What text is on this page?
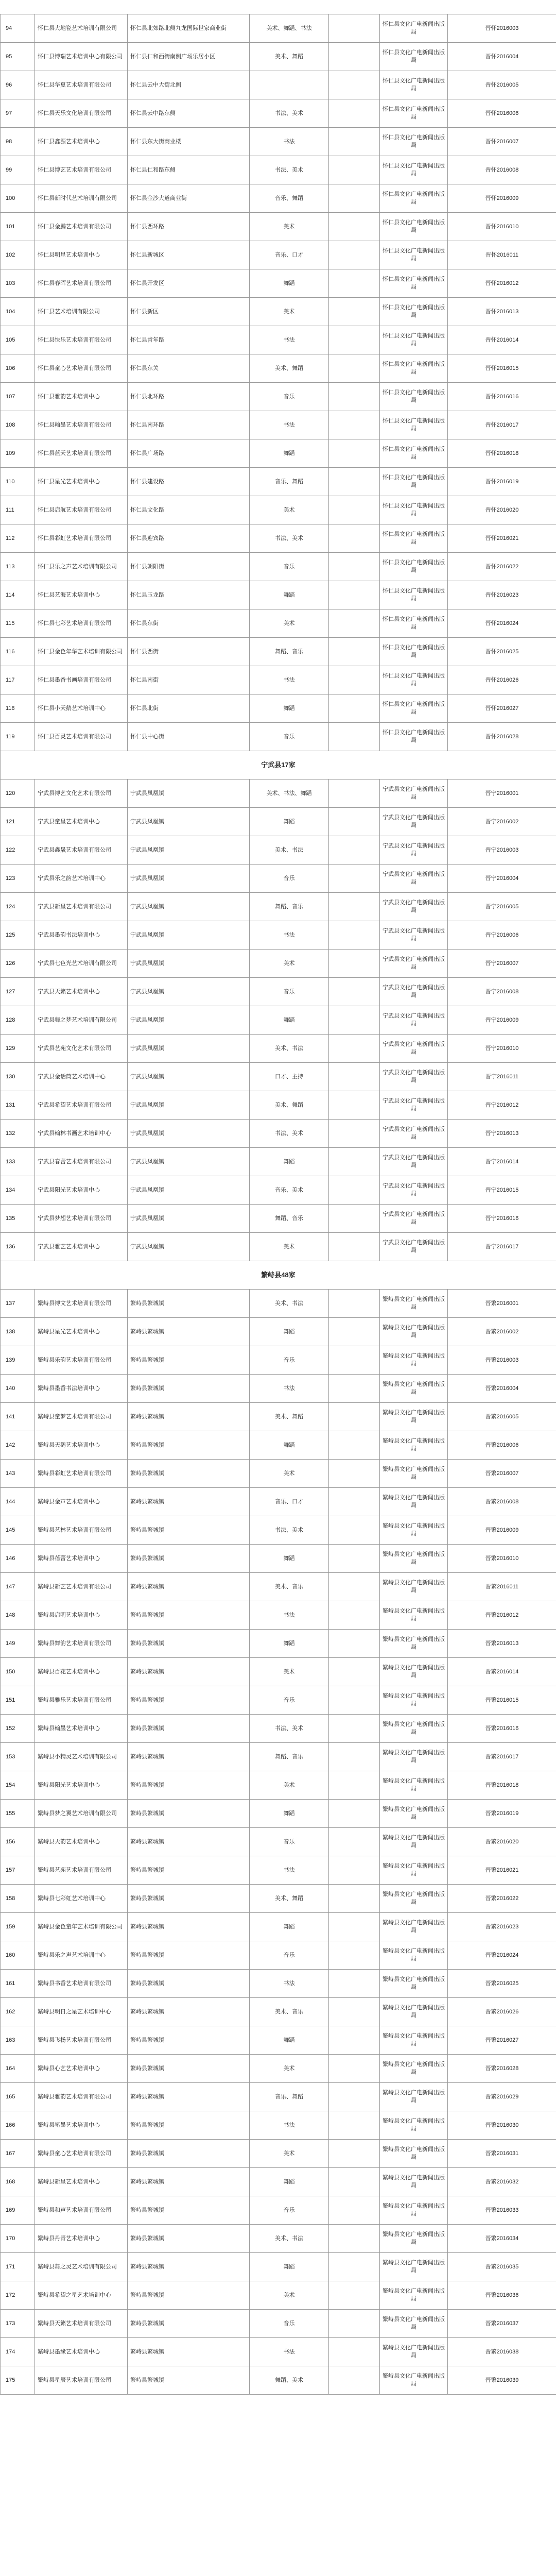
94	怀仁县大地瓷艺术培训有限公司	怀仁县北郊路北侧九龙国际世家商业街	美术、舞蹈、书法		怀仁县文化广电新闻出版局	晋怀2016003
95	怀仁县博瑞艺术培训中心有限公司	怀仁县仁和西街南侧广场乐居小区	美术、舞蹈		怀仁县文化广电新闻出版局	晋怀2016004
96	怀仁县华夏艺术培训有限公司	怀仁县云中大街北侧			怀仁县文化广电新闻出版局	晋怀2016005
97	怀仁县天乐文化培训有限公司	怀仁县云中路东侧	书法、美术		怀仁县文化广电新闻出版局	晋怀2016006
98	怀仁县鑫源艺术培训中心	怀仁县东大街商业楼	书法		怀仁县文化广电新闻出版局	晋怀2016007
99	怀仁县博艺艺术培训有限公司	怀仁县仁和路东侧	书法、美术		怀仁县文化广电新闻出版局	晋怀2016008
100	怀仁县新时代艺术培训有限公司	怀仁县金沙大道商业街	音乐、舞蹈		怀仁县文化广电新闻出版局	晋怀2016009
101	怀仁县金鹏艺术培训有限公司	怀仁县西环路	美术		怀仁县文化广电新闻出版局	晋怀2016010
102	怀仁县明星艺术培训中心	怀仁县新城区	音乐、口才		怀仁县文化广电新闻出版局	晋怀2016011
103	怀仁县春晖艺术培训有限公司	怀仁县开发区	舞蹈		怀仁县文化广电新闻出版局	晋怀2016012
104	怀仁县艺术培训有限公司	怀仁县新区	美术		怀仁县文化广电新闻出版局	晋怀2016013
105	怀仁县快乐艺术培训有限公司	怀仁县青年路	书法		怀仁县文化广电新闻出版局	晋怀2016014
106	怀仁县童心艺术培训有限公司	怀仁县东关	美术、舞蹈		怀仁县文化广电新闻出版局	晋怀2016015
107	怀仁县雅韵艺术培训中心	怀仁县北环路	音乐		怀仁县文化广电新闻出版局	晋怀2016016
108	怀仁县翰墨艺术培训有限公司	怀仁县南环路	书法		怀仁县文化广电新闻出版局	晋怀2016017
109	怀仁县蓝天艺术培训有限公司	怀仁县广场路	舞蹈		怀仁县文化广电新闻出版局	晋怀2016018
110	怀仁县星光艺术培训中心	怀仁县建设路	音乐、舞蹈		怀仁县文化广电新闻出版局	晋怀2016019
111	怀仁县启航艺术培训有限公司	怀仁县文化路	美术		怀仁县文化广电新闻出版局	晋怀2016020
112	怀仁县彩虹艺术培训有限公司	怀仁县迎宾路	书法、美术		怀仁县文化广电新闻出版局	晋怀2016021
113	怀仁县乐之声艺术培训有限公司	怀仁县朝阳街	音乐		怀仁县文化广电新闻出版局	晋怀2016022
114	怀仁县艺海艺术培训中心	怀仁县玉龙路	舞蹈		怀仁县文化广电新闻出版局	晋怀2016023
115	怀仁县七彩艺术培训有限公司	怀仁县东街	美术		怀仁县文化广电新闻出版局	晋怀2016024
116	怀仁县金色年华艺术培训有限公司	怀仁县西街	舞蹈、音乐		怀仁县文化广电新闻出版局	晋怀2016025
117	怀仁县墨香书画培训有限公司	怀仁县南街	书法		怀仁县文化广电新闻出版局	晋怀2016026
118	怀仁县小天鹅艺术培训中心	怀仁县北街	舞蹈		怀仁县文化广电新闻出版局	晋怀2016027
119	怀仁县百灵艺术培训有限公司	怀仁县中心街	音乐		怀仁县文化广电新闻出版局	晋怀2016028
宁武县17家						
120	宁武县博艺文化艺术有限公司	宁武县凤凰镇	美术、书法、舞蹈		宁武县文化广电新闻出版局	晋宁2016001
121	宁武县童星艺术培训中心	宁武县凤凰镇	舞蹈		宁武县文化广电新闻出版局	晋宁2016002
122	宁武县鑫晟艺术培训有限公司	宁武县凤凰镇	美术、书法		宁武县文化广电新闻出版局	晋宁2016003
123	宁武县乐之韵艺术培训中心	宁武县凤凰镇	音乐		宁武县文化广电新闻出版局	晋宁2016004
124	宁武县新星艺术培训有限公司	宁武县凤凰镇	舞蹈、音乐		宁武县文化广电新闻出版局	晋宁2016005
125	宁武县墨韵书法培训中心	宁武县凤凰镇	书法		宁武县文化广电新闻出版局	晋宁2016006
126	宁武县七色光艺术培训有限公司	宁武县凤凰镇	美术		宁武县文化广电新闻出版局	晋宁2016007
127	宁武县天籁艺术培训中心	宁武县凤凰镇	音乐		宁武县文化广电新闻出版局	晋宁2016008
128	宁武县舞之梦艺术培训有限公司	宁武县凤凰镇	舞蹈		宁武县文化广电新闻出版局	晋宁2016009
129	宁武县艺苑文化艺术有限公司	宁武县凤凰镇	美术、书法		宁武县文化广电新闻出版局	晋宁2016010
130	宁武县金话筒艺术培训中心	宁武县凤凰镇	口才、主持		宁武县文化广电新闻出版局	晋宁2016011
131	宁武县希望艺术培训有限公司	宁武县凤凰镇	美术、舞蹈		宁武县文化广电新闻出版局	晋宁2016012
132	宁武县翰林书画艺术培训中心	宁武县凤凰镇	书法、美术		宁武县文化广电新闻出版局	晋宁2016013
133	宁武县春蕾艺术培训有限公司	宁武县凤凰镇	舞蹈		宁武县文化广电新闻出版局	晋宁2016014
134	宁武县阳光艺术培训中心	宁武县凤凰镇	音乐、美术		宁武县文化广电新闻出版局	晋宁2016015
135	宁武县梦想艺术培训有限公司	宁武县凤凰镇	舞蹈、音乐		宁武县文化广电新闻出版局	晋宁2016016
136	宁武县雅艺艺术培训中心	宁武县凤凰镇	美术		宁武县文化广电新闻出版局	晋宁2016017
繁峙县48家						
137	繁峙县博文艺术培训有限公司	繁峙县繁城镇	美术、书法		繁峙县文化广电新闻出版局	晋繁2016001
138	繁峙县星光艺术培训中心	繁峙县繁城镇	舞蹈		繁峙县文化广电新闻出版局	晋繁2016002
139	繁峙县乐韵艺术培训有限公司	繁峙县繁城镇	音乐		繁峙县文化广电新闻出版局	晋繁2016003
140	繁峙县墨香书法培训中心	繁峙县繁城镇	书法		繁峙县文化广电新闻出版局	晋繁2016004
141	繁峙县童梦艺术培训有限公司	繁峙县繁城镇	美术、舞蹈		繁峙县文化广电新闻出版局	晋繁2016005
142	繁峙县天鹅艺术培训中心	繁峙县繁城镇	舞蹈		繁峙县文化广电新闻出版局	晋繁2016006
143	繁峙县彩虹艺术培训有限公司	繁峙县繁城镇	美术		繁峙县文化广电新闻出版局	晋繁2016007
144	繁峙县金声艺术培训中心	繁峙县繁城镇	音乐、口才		繁峙县文化广电新闻出版局	晋繁2016008
145	繁峙县艺林艺术培训有限公司	繁峙县繁城镇	书法、美术		繁峙县文化广电新闻出版局	晋繁2016009
146	繁峙县蓓蕾艺术培训中心	繁峙县繁城镇	舞蹈		繁峙县文化广电新闻出版局	晋繁2016010
147	繁峙县新艺艺术培训有限公司	繁峙县繁城镇	美术、音乐		繁峙县文化广电新闻出版局	晋繁2016011
148	繁峙县启明艺术培训中心	繁峙县繁城镇	书法		繁峙县文化广电新闻出版局	晋繁2016012
149	繁峙县舞韵艺术培训有限公司	繁峙县繁城镇	舞蹈		繁峙县文化广电新闻出版局	晋繁2016013
150	繁峙县百花艺术培训中心	繁峙县繁城镇	美术		繁峙县文化广电新闻出版局	晋繁2016014
151	繁峙县雅乐艺术培训有限公司	繁峙县繁城镇	音乐		繁峙县文化广电新闻出版局	晋繁2016015
152	繁峙县翰墨艺术培训中心	繁峙县繁城镇	书法、美术		繁峙县文化广电新闻出版局	晋繁2016016
153	繁峙县小精灵艺术培训有限公司	繁峙县繁城镇	舞蹈、音乐		繁峙县文化广电新闻出版局	晋繁2016017
154	繁峙县阳光艺术培训中心	繁峙县繁城镇	美术		繁峙县文化广电新闻出版局	晋繁2016018
155	繁峙县梦之翼艺术培训有限公司	繁峙县繁城镇	舞蹈		繁峙县文化广电新闻出版局	晋繁2016019
156	繁峙县天韵艺术培训中心	繁峙县繁城镇	音乐		繁峙县文化广电新闻出版局	晋繁2016020
157	繁峙县艺苑艺术培训有限公司	繁峙县繁城镇	书法		繁峙县文化广电新闻出版局	晋繁2016021
158	繁峙县七彩虹艺术培训中心	繁峙县繁城镇	美术、舞蹈		繁峙县文化广电新闻出版局	晋繁2016022
159	繁峙县金色童年艺术培训有限公司	繁峙县繁城镇	舞蹈		繁峙县文化广电新闻出版局	晋繁2016023
160	繁峙县乐之声艺术培训中心	繁峙县繁城镇	音乐		繁峙县文化广电新闻出版局	晋繁2016024
161	繁峙县书香艺术培训有限公司	繁峙县繁城镇	书法		繁峙县文化广电新闻出版局	晋繁2016025
162	繁峙县明日之星艺术培训中心	繁峙县繁城镇	美术、音乐		繁峙县文化广电新闻出版局	晋繁2016026
163	繁峙县飞扬艺术培训有限公司	繁峙县繁城镇	舞蹈		繁峙县文化广电新闻出版局	晋繁2016027
164	繁峙县心艺艺术培训中心	繁峙县繁城镇	美术		繁峙县文化广电新闻出版局	晋繁2016028
165	繁峙县雅韵艺术培训有限公司	繁峙县繁城镇	音乐、舞蹈		繁峙县文化广电新闻出版局	晋繁2016029
166	繁峙县笔墨艺术培训中心	繁峙县繁城镇	书法		繁峙县文化广电新闻出版局	晋繁2016030
167	繁峙县童心艺术培训有限公司	繁峙县繁城镇	美术		繁峙县文化广电新闻出版局	晋繁2016031
168	繁峙县新星艺术培训中心	繁峙县繁城镇	舞蹈		繁峙县文化广电新闻出版局	晋繁2016032
169	繁峙县和声艺术培训有限公司	繁峙县繁城镇	音乐		繁峙县文化广电新闻出版局	晋繁2016033
170	繁峙县丹青艺术培训中心	繁峙县繁城镇	美术、书法		繁峙县文化广电新闻出版局	晋繁2016034
171	繁峙县舞之灵艺术培训有限公司	繁峙县繁城镇	舞蹈		繁峙县文化广电新闻出版局	晋繁2016035
172	繁峙县希望之星艺术培训中心	繁峙县繁城镇	美术		繁峙县文化广电新闻出版局	晋繁2016036
173	繁峙县天籁艺术培训有限公司	繁峙县繁城镇	音乐		繁峙县文化广电新闻出版局	晋繁2016037
174	繁峙县墨缘艺术培训中心	繁峙县繁城镇	书法		繁峙县文化广电新闻出版局	晋繁2016038
175	繁峙县星辰艺术培训有限公司	繁峙县繁城镇	舞蹈、美术		繁峙县文化广电新闻出版局	晋繁2016039
